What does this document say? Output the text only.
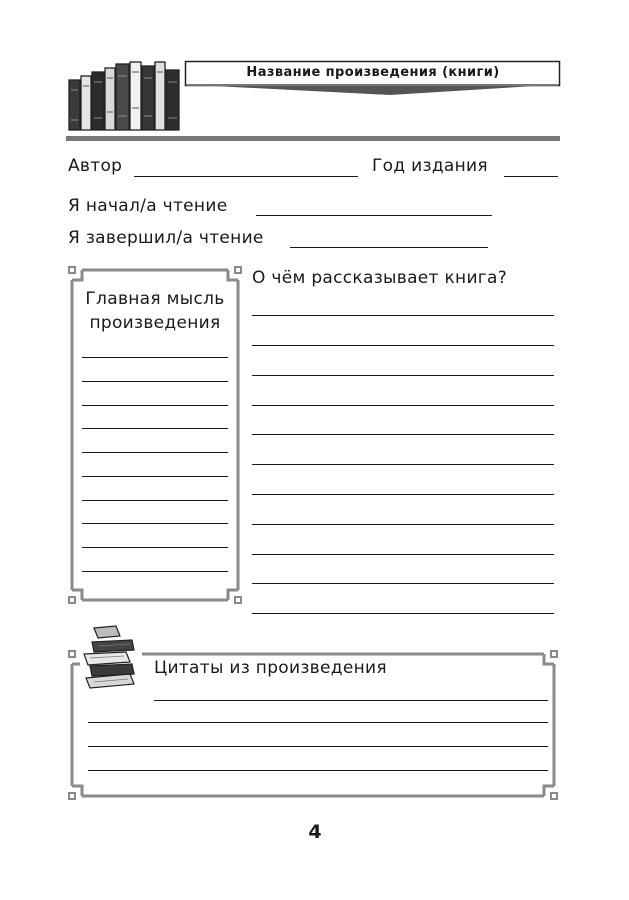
Название произведения (книги)
Автор	Год издания
Я начал/а чтение
Я завершил/а чтение
Главная мысль
произведения
О чём рассказывает книга?
Цитаты из произведения
4
